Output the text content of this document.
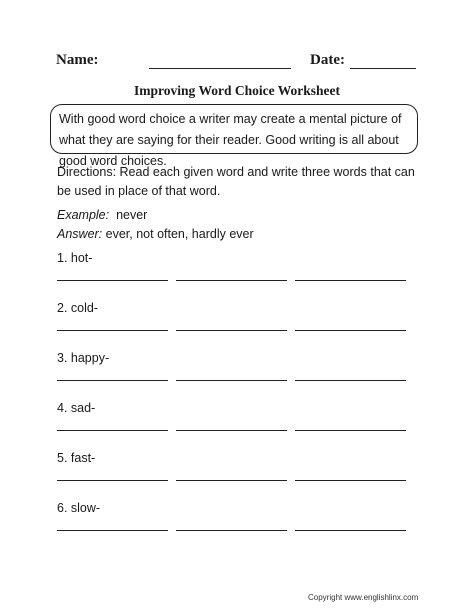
Name:	Date:
Improving Word Choice Worksheet
With good word choice a writer may create a mental picture of what they are saying for their reader. Good writing is all about good word choices.
Directions: Read each given word and write three words that can be used in place of that word.
Example: never
Answer: ever, not often, hardly ever
1. hot-
2. cold-
3. happy-
4. sad-
5. fast-
6. slow-
Copyright www.englishlinx.com
